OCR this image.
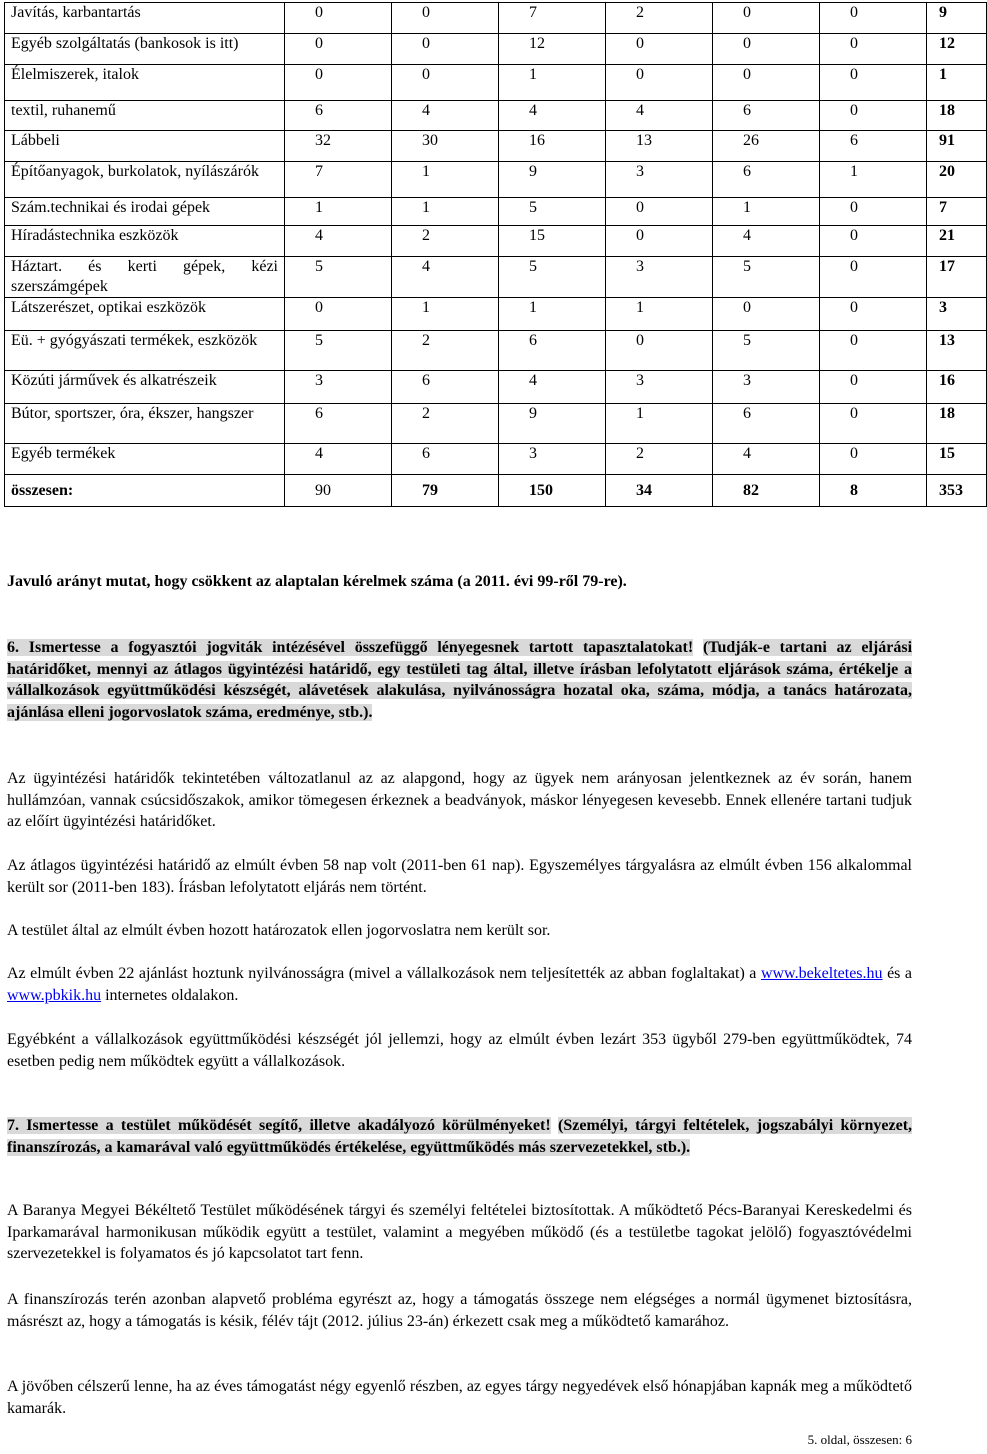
Javítás, karbantartás	0	0	7	2	0	0	9
Egyéb szolgáltatás (bankosok is itt)	0	0	12	0	0	0	12
Élelmiszerek, italok	0	0	1	0	0	0	1
textil, ruhanemű	6	4	4	4	6	0	18
Lábbeli	32	30	16	13	26	6	91
Építőanyagok, burkolatok, nyílászárók	7	1	9	3	6	1	20
Szám.technikai és irodai gépek	1	1	5	0	1	0	7
Híradástechnika eszközök	4	2	15	0	4	0	21
Háztart. és kerti gépek, kézi szerszámgépek	5	4	5	3	5	0	17
Látszerészet, optikai eszközök	0	1	1	1	0	0	3
Eü. + gyógyászati termékek, eszközök	5	2	6	0	5	0	13
Közúti járművek és alkatrészeik	3	6	4	3	3	0	16
Bútor, sportszer, óra, ékszer, hangszer	6	2	9	1	6	0	18
Egyéb termékek	4	6	3	2	4	0	15
összesen:	90	79	150	34	82	8	353

Javuló arányt mutat, hogy csökkent az alaptalan kérelmek száma (a 2011. évi 99-ről 79-re).

6. Ismertesse a fogyasztói jogviták intézésével összefüggő lényegesnek tartott tapasztalatokat! (Tudják-e tartani az eljárási határidőket, mennyi az átlagos ügyintézési határidő, egy testületi tag által, illetve írásban lefolytatott eljárások száma, értékelje a vállalkozások együttműködési készségét, alávetések alakulása, nyilvánosságra hozatal oka, száma, módja, a tanács határozata, ajánlása elleni jogorvoslatok száma, eredménye, stb.).

Az ügyintézési határidők tekintetében változatlanul az az alapgond, hogy az ügyek nem arányosan jelentkeznek az év során, hanem hullámzóan, vannak csúcsidőszakok, amikor tömegesen érkeznek a beadványok, máskor lényegesen kevesebb. Ennek ellenére tartani tudjuk az előírt ügyintézési határidőket.

Az átlagos ügyintézési határidő az elmúlt évben 58 nap volt (2011-ben 61 nap). Egyszemélyes tárgyalásra az elmúlt évben 156 alkalommal került sor (2011-ben 183). Írásban lefolytatott eljárás nem történt.

A testület által az elmúlt évben hozott határozatok ellen jogorvoslatra nem került sor.

Az elmúlt évben 22 ajánlást hoztunk nyilvánosságra (mivel a vállalkozások nem teljesítették az abban foglaltakat) a www.bekeltetes.hu és a www.pbkik.hu internetes oldalakon.

Egyébként a vállalkozások együttműködési készségét jól jellemzi, hogy az elmúlt évben lezárt 353 ügyből 279-ben együttműködtek, 74 esetben pedig nem működtek együtt a vállalkozások.

7. Ismertesse a testület működését segítő, illetve akadályozó körülményeket! (Személyi, tárgyi feltételek, jogszabályi környezet, finanszírozás, a kamarával való együttműködés értékelése, együttműködés más szervezetekkel, stb.).

A Baranya Megyei Békéltető Testület működésének tárgyi és személyi feltételei biztosítottak. A működtető Pécs-Baranyai Kereskedelmi és Iparkamarával harmonikusan működik együtt a testület, valamint a megyében működő (és a testületbe tagokat jelölő) fogyasztóvédelmi szervezetekkel is folyamatos és jó kapcsolatot tart fenn.

A finanszírozás terén azonban alapvető probléma egyrészt az, hogy a támogatás összege nem elégséges a normál ügymenet biztosításra, másrészt az, hogy a támogatás is késik, félév tájt (2012. július 23-án) érkezett csak meg a működtető kamarához.

A jövőben célszerű lenne, ha az éves támogatást négy egyenlő részben, az egyes tárgy negyedévek első hónapjában kapnák meg a működtető kamarák.

5. oldal, összesen: 6
